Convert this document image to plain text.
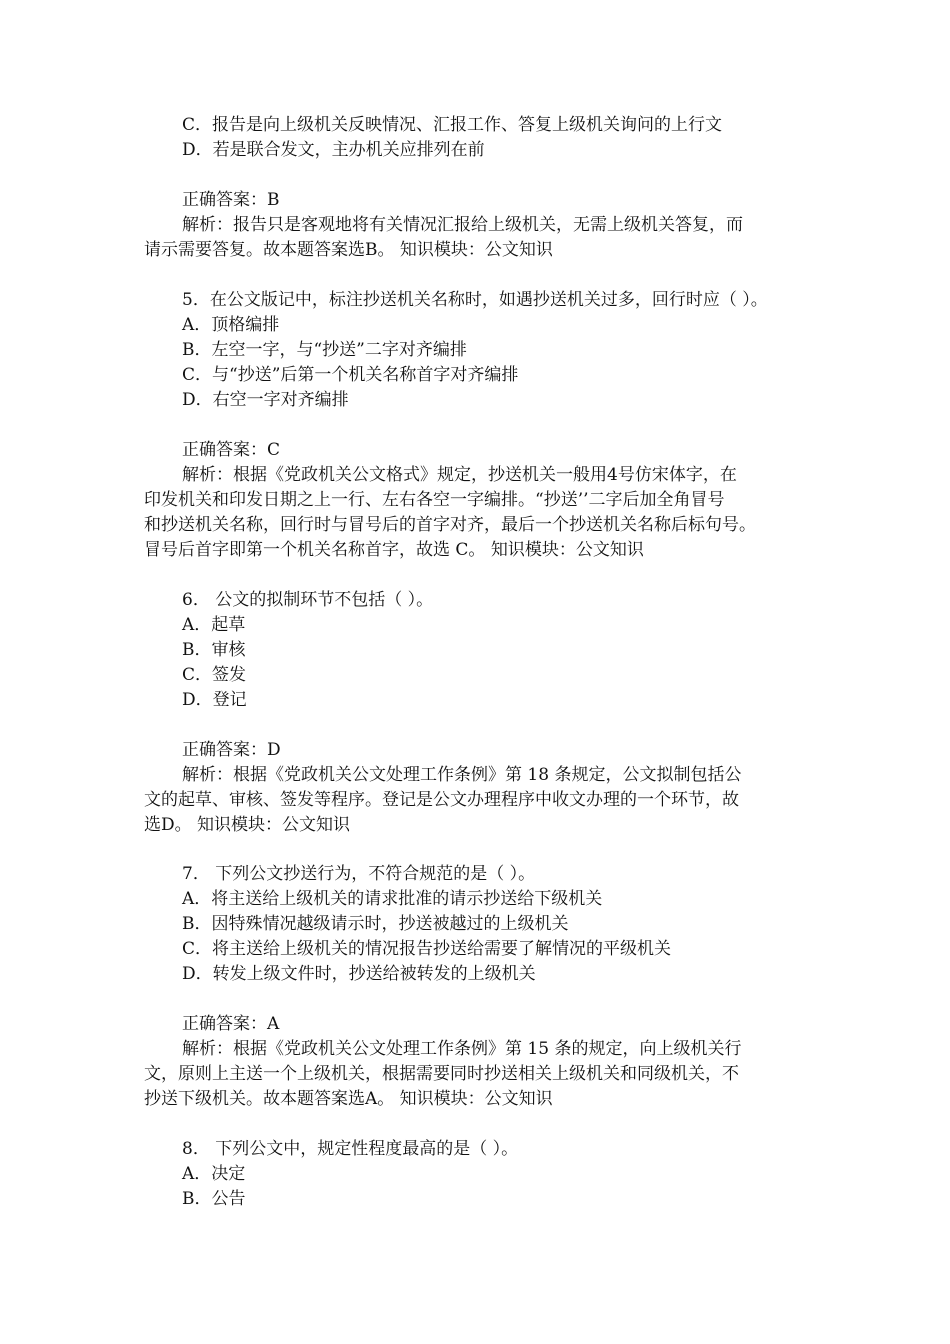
C．报告是向上级机关反映情况、汇报工作、答复上级机关询问的上行文
D．若是联合发文，主办机关应排列在前
正确答案：B
解析：报告只是客观地将有关情况汇报给上级机关，无需上级机关答复，而
请示需要答复。故本题答案选B。 知识模块：公文知识
5．在公文版记中，标注抄送机关名称时，如遇抄送机关过多，回行时应（ ）。
A．顶格编排
B．左空一字，与“抄送”二字对齐编排
C．与“抄送”后第一个机关名称首字对齐编排
D．右空一字对齐编排
正确答案：C
解析：根据《党政机关公文格式》规定，抄送机关一般用4号仿宋体字，在
印发机关和印发日期之上一行、左右各空一字编排。“抄送’’二字后加全角冒号
和抄送机关名称，回行时与冒号后的首字对齐，最后一个抄送机关名称后标句号。
冒号后首字即第一个机关名称首字，故选 C。 知识模块：公文知识
6． 公文的拟制环节不包括（ ）。
A．起草
B．审核
C．签发
D．登记
正确答案：D
解析：根据《党政机关公文处理工作条例》第 18 条规定，公文拟制包括公
文的起草、审核、签发等程序。登记是公文办理程序中收文办理的一个环节，故
选D。 知识模块：公文知识
7． 下列公文抄送行为，不符合规范的是（ ）。
A．将主送给上级机关的请求批准的请示抄送给下级机关
B．因特殊情况越级请示时，抄送被越过的上级机关
C．将主送给上级机关的情况报告抄送给需要了解情况的平级机关
D．转发上级文件时，抄送给被转发的上级机关
正确答案：A
解析：根据《党政机关公文处理工作条例》第 15 条的规定，向上级机关行
文，原则上主送一个上级机关，根据需要同时抄送相关上级机关和同级机关，不
抄送下级机关。故本题答案选A。 知识模块：公文知识
8． 下列公文中，规定性程度最高的是（ ）。
A．决定
B．公告
